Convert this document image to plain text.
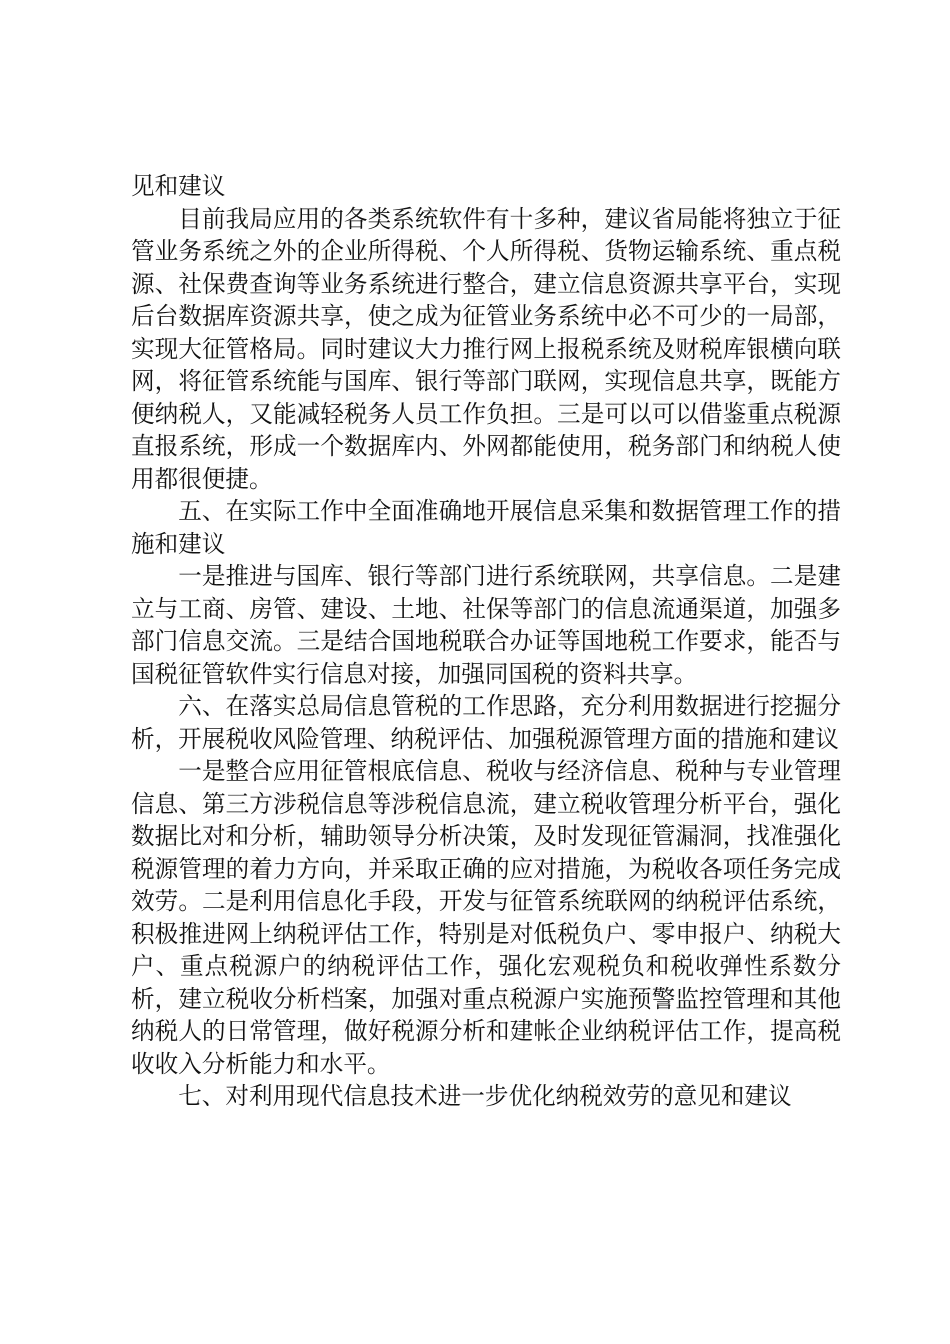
见和建议

目前我局应用的各类系统软件有十多种，建议省局能将独立于征管业务系统之外的企业所得税、个人所得税、货物运输系统、重点税源、社保费查询等业务系统进行整合，建立信息资源共享平台，实现后台数据库资源共享，使之成为征管业务系统中必不可少的一局部，实现大征管格局。同时建议大力推行网上报税系统及财税库银横向联网，将征管系统能与国库、银行等部门联网，实现信息共享，既能方便纳税人，又能减轻税务人员工作负担。三是可以可以借鉴重点税源直报系统，形成一个数据库内、外网都能使用，税务部门和纳税人使用都很便捷。

五、在实际工作中全面准确地开展信息采集和数据管理工作的措施和建议

一是推进与国库、银行等部门进行系统联网，共享信息。二是建立与工商、房管、建设、土地、社保等部门的信息流通渠道，加强多部门信息交流。三是结合国地税联合办证等国地税工作要求，能否与国税征管软件实行信息对接，加强同国税的资料共享。

六、在落实总局信息管税的工作思路，充分利用数据进行挖掘分析，开展税收风险管理、纳税评估、加强税源管理方面的措施和建议

一是整合应用征管根底信息、税收与经济信息、税种与专业管理信息、第三方涉税信息等涉税信息流，建立税收管理分析平台，强化数据比对和分析，辅助领导分析决策，及时发现征管漏洞，找准强化税源管理的着力方向，并采取正确的应对措施，为税收各项任务完成效劳。二是利用信息化手段，开发与征管系统联网的纳税评估系统，积极推进网上纳税评估工作，特别是对低税负户、零申报户、纳税大户、重点税源户的纳税评估工作，强化宏观税负和税收弹性系数分析，建立税收分析档案，加强对重点税源户实施预警监控管理和其他纳税人的日常管理，做好税源分析和建帐企业纳税评估工作，提高税收收入分析能力和水平。

七、对利用现代信息技术进一步优化纳税效劳的意见和建议
